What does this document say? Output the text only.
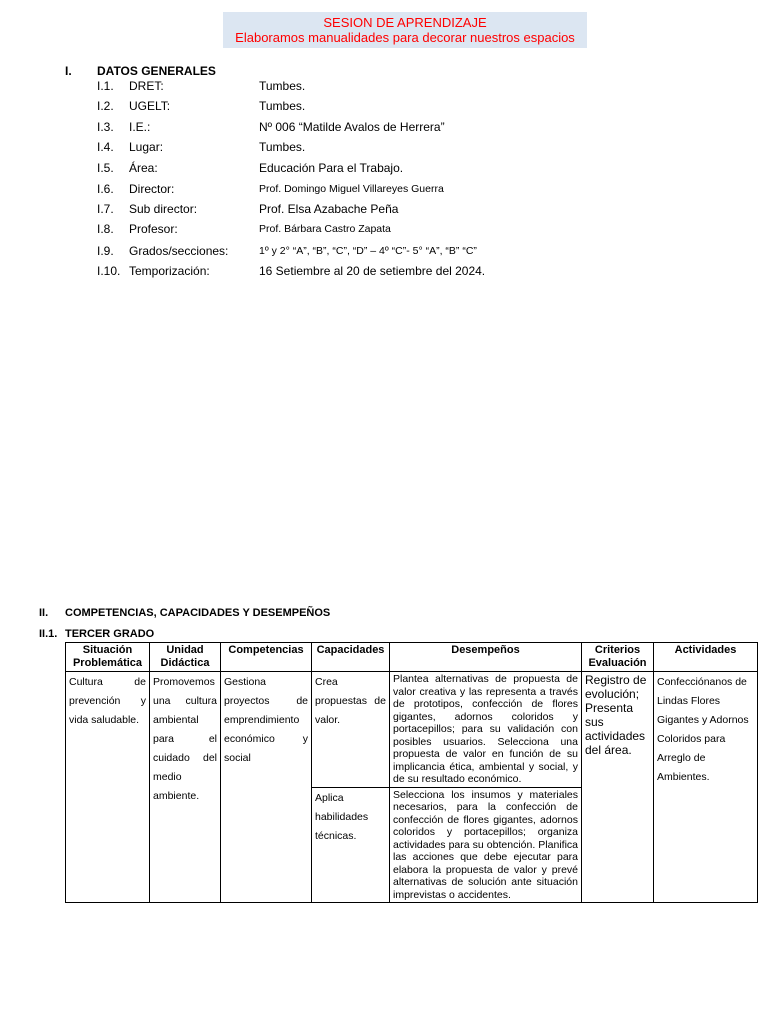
SESION DE APRENDIZAJE
Elaboramos manualidades para decorar nuestros espacios
I. DATOS GENERALES
I.1.	DRET:	Tumbes.
I.2.	UGELT:	Tumbes.
I.3.	I.E.:	Nº 006 “Matilde Avalos de Herrera”
I.4.	Lugar:	Tumbes.
I.5.	Área:	Educación Para el Trabajo.
I.6.	Director:	Prof. Domingo Miguel Villareyes Guerra
I.7.	Sub director:	Prof. Elsa Azabache Peña
I.8.	Profesor:	Prof. Bárbara Castro Zapata
I.9.	Grados/secciones:	1º y 2° “A”, “B”, “C”, “D” – 4º “C”- 5° “A”, “B” “C”
I.10. Temporización:	16 Setiembre al 20 de setiembre del 2024.
II. COMPETENCIAS, CAPACIDADES Y DESEMPEÑOS
II.1. TERCER GRADO
Situación Problemática	Unidad Didáctica	Competencias	Capacidades	Desempeños	Criterios Evaluación	Actividades
Cultura de prevención y vida saludable.	Promovemos una cultura ambiental para el cuidado del medio ambiente.	Gestiona proyectos de emprendimiento económico y social	Crea propuestas de valor.	Plantea alternativas de propuesta de valor creativa y las representa a través de prototipos, confección de flores gigantes, adornos coloridos y portacepillos; para su validación con posibles usuarios. Selecciona una propuesta de valor en función de su implicancia ética, ambiental y social, y de su resultado económico.	Registro de evolución; Presenta sus actividades del área.	Confecciónanos de Lindas Flores Gigantes y Adornos Coloridos para Arreglo de Ambientes.
			Aplica habilidades técnicas.	Selecciona los insumos y materiales necesarios, para la confección de confección de flores gigantes, adornos coloridos y portacepillos; organiza actividades para su obtención. Planifica las acciones que debe ejecutar para elabora la propuesta de valor y prevé alternativas de solución ante situación imprevistas o accidentes.		
